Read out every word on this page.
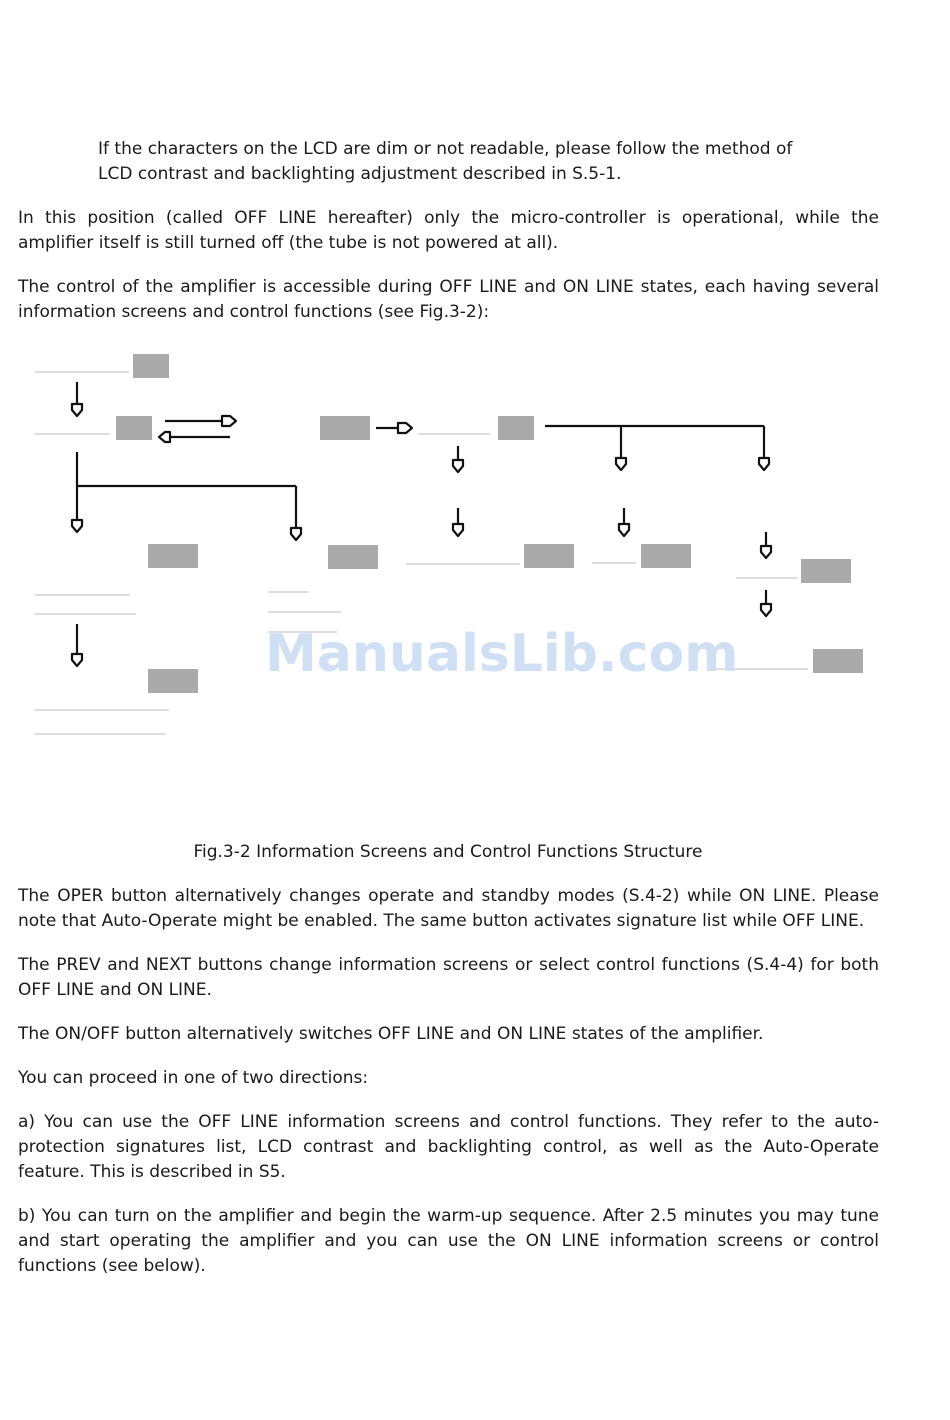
If the characters on the LCD are dim or not readable, please follow the method of LCD contrast and backlighting adjustment described in S.5-1.

In this position (called OFF LINE hereafter) only the micro-controller is operational, while the amplifier itself is still turned off (the tube is not powered at all).

The control of the amplifier is accessible during OFF LINE and ON LINE states, each having several information screens and control functions (see Fig.3-2):

ManualsLib.com

Fig.3-2 Information Screens and Control Functions Structure

The OPER button alternatively changes operate and standby modes (S.4-2) while ON LINE. Please note that Auto-Operate might be enabled. The same button activates signature list while OFF LINE.

The PREV and NEXT buttons change information screens or select control functions (S.4-4) for both OFF LINE and ON LINE.

The ON/OFF button alternatively switches OFF LINE and ON LINE states of the amplifier.

You can proceed in one of two directions:

a) You can use the OFF LINE information screens and control functions. They refer to the auto-protection signatures list, LCD contrast and backlighting control, as well as the Auto-Operate feature. This is described in S5.

b) You can turn on the amplifier and begin the warm-up sequence. After 2.5 minutes you may tune and start operating the amplifier and you can use the ON LINE information screens or control functions (see below).
